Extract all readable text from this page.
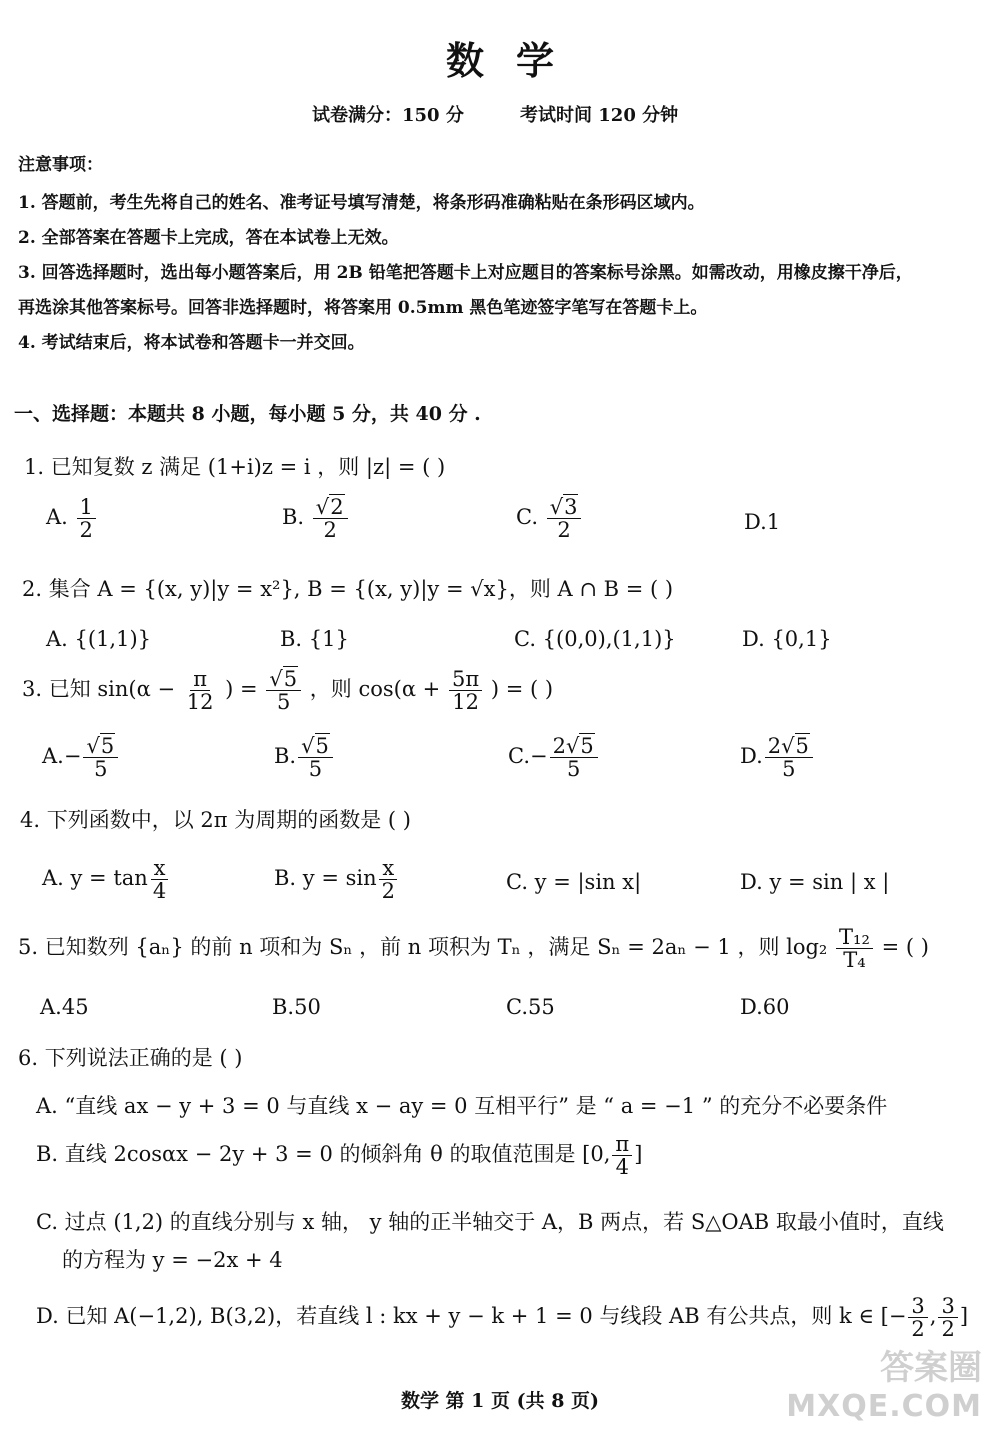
数学
试卷满分：150 分	考试时间 120 分钟
注意事项：
1. 答题前，考生先将自己的姓名、准考证号填写清楚，将条形码准确粘贴在条形码区域内。
2. 全部答案在答题卡上完成，答在本试卷上无效。
3. 回答选择题时，选出每小题答案后，用 2B 铅笔把答题卡上对应题目的答案标号涂黑。如需改动，用橡皮擦干净后，
再选涂其他答案标号。回答非选择题时，将答案用 0.5mm 黑色笔迹签字笔写在答题卡上。
4. 考试结束后，将本试卷和答题卡一并交回。
一、选择题：本题共 8 小题，每小题 5 分，共 40 分 .
1. 已知复数 z 满足 (1+i)z = i ，则 |z| = ( )
A. $\frac{1}{2}$	B. $\frac{√2}{2}$	C. $\frac{√3}{2}$	D.1
2. 集合 A = {(x, y)|y = x²}, B = {(x, y)|y = √x}，则 A ∩ B = ( )
A. {(1,1)}	B. {1}	C. {(0,0),(1,1)}	D. {0,1}
3. 已知 $\sin(\alpha - \frac{\pi}{12}$ ) = $\frac{√5}{5}$ ，则 $\cos(\alpha + \frac{5\pi}{12}$ ) = ( )
$A.- \frac{√5}{5}$	B. $\frac{√5}{5}$	$C.- \frac{2√5}{5}$	D. $\frac{2√5}{5}$
4. 下列函数中，以 2π 为周期的函数是 ( )
A. $y = \tan \frac{x}{4}$	B. $y = \sin \frac{x}{2}$	C. y = |sin x|	D. y = sin | x |
5. 已知数列 {aₙ} 的前 n 项和为 Sₙ ，前 n 项积为 Tₙ ，满足 Sₙ = 2aₙ − 1 ，则 $\log_2 \frac{\text{T₁₂}}{\text{T₄}}$ = ( )
A.45	B.50	C.55	D.60
6. 下列说法正确的是 ( )
A. “直线 ax − y + 3 = 0 与直线 x − ay = 0 互相平行” 是 “ a = −1 ” 的充分不必要条件
B. 直线 2cosαx − 2y + 3 = 0 的倾斜角 θ 的取值范围是 [0, $\frac{\pi}{4}$ ]
C. 过点 (1,2) 的直线分别与 x 轴， y 轴的正半轴交于 A，B 两点，若 S△OAB 取最小值时，直线
的方程为 y = −2x + 4
D. 已知 A(−1,2), B(3,2)，若直线 l : kx + y − k + 1 = 0 与线段 AB 有公共点，则 k ∈ [− $\frac{3}{2}$ , $\frac{3}{2}$ ]
数学 第 1 页 (共 8 页)
答案圈
MXQE.COM
